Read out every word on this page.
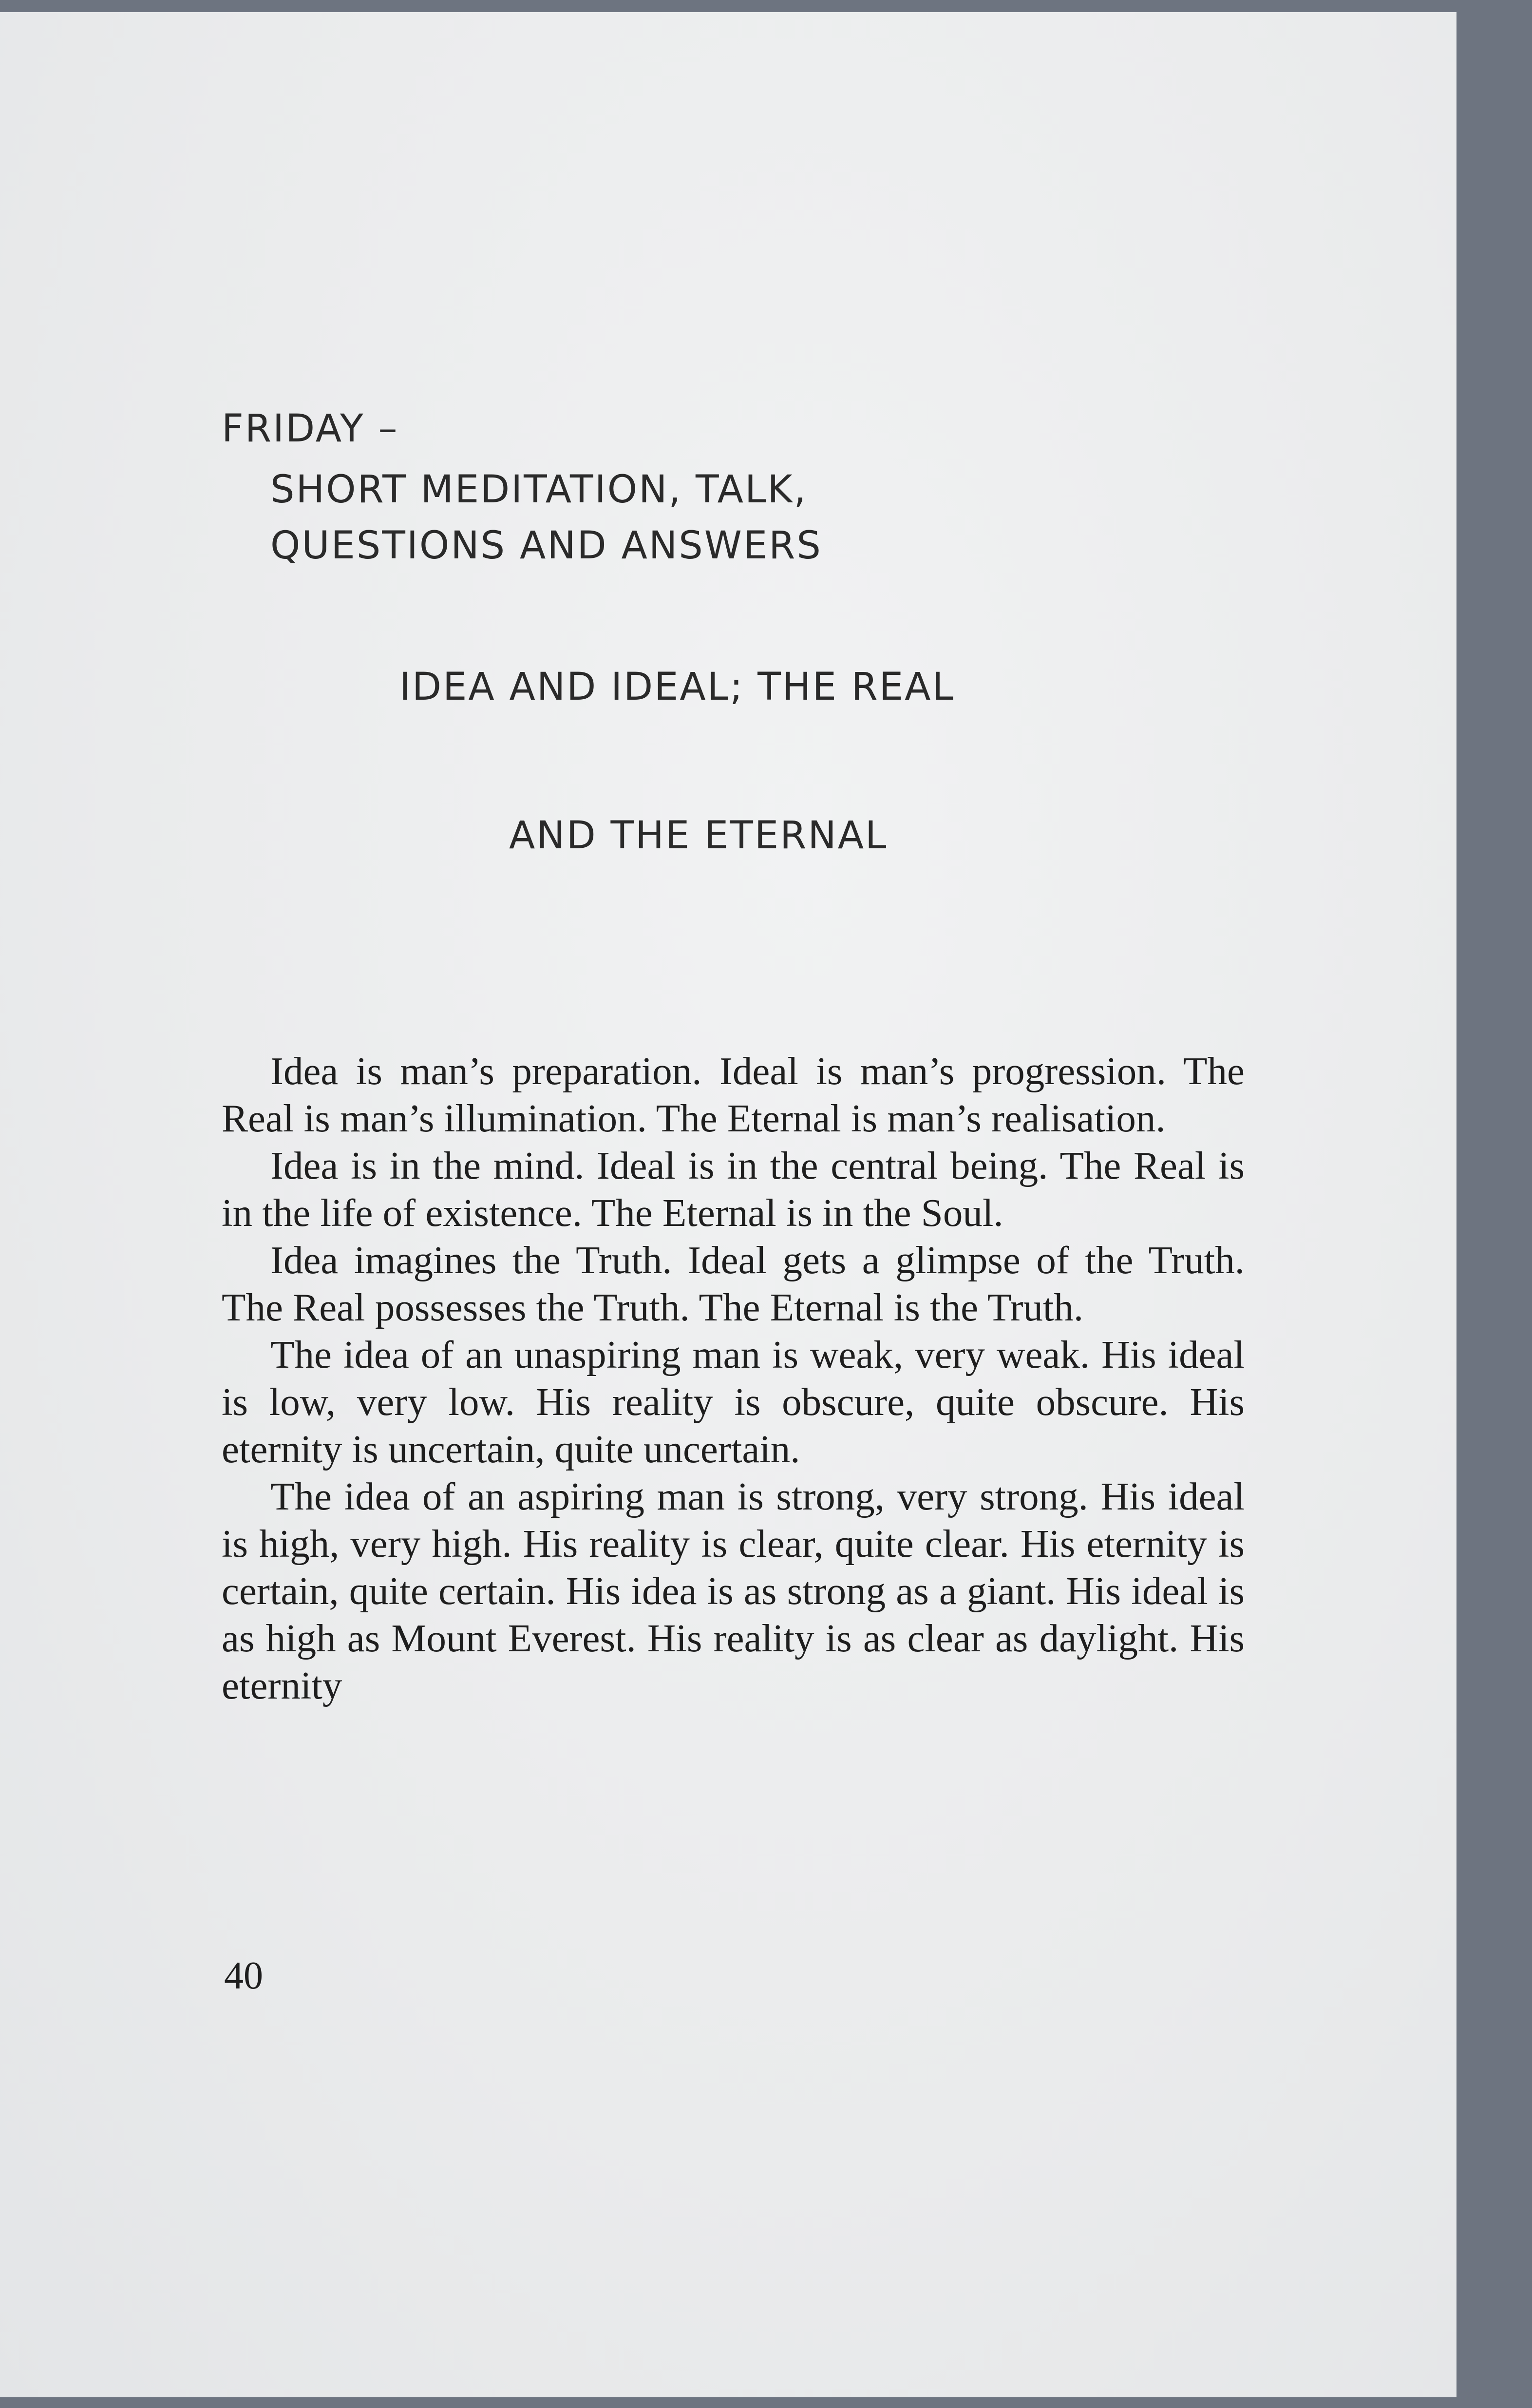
FRIDAY –
SHORT MEDITATION, TALK,
QUESTIONS AND ANSWERS
IDEA AND IDEAL; THE REAL
AND THE ETERNAL

Idea is man’s preparation. Ideal is man’s progression. The Real is man’s illumination. The Eternal is man’s realisation.

Idea is in the mind. Ideal is in the central being. The Real is in the life of existence. The Eternal is in the Soul.

Idea imagines the Truth. Ideal gets a glimpse of the Truth. The Real possesses the Truth. The Eternal is the Truth.

The idea of an unaspiring man is weak, very weak. His ideal is low, very low. His reality is obscure, quite obscure. His eternity is uncertain, quite uncertain.

The idea of an aspiring man is strong, very strong. His ideal is high, very high. His reality is clear, quite clear. His eternity is certain, quite certain. His idea is as strong as a giant. His ideal is as high as Mount Everest. His reality is as clear as daylight. His eternity

40
